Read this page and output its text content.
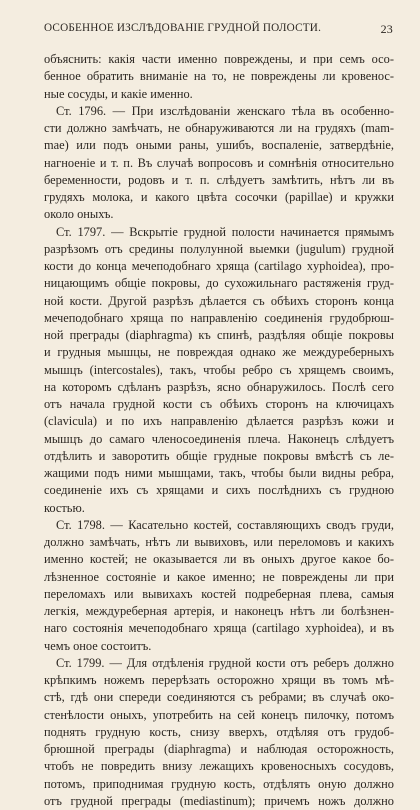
ОСОБЕННОЕ ИЗСЛѢДОВАНІЕ ГРУДНОЙ ПОЛОСТИ.	23
объяснить: какія части именно повреждены, и при семъ осо-
бенное обратить вниманіе на то, не повреждены ли кровенос-
ные сосуды, и какіе именно.
Ст. 1796. — При изслѣдованіи женскаго тѣла въ особенно-
сти должно замѣчать, не обнаруживаются ли на грудяхъ (mam-
mae) или подъ оными раны, ушибъ, воспаленіе, затвердѣніе,
нагноеніе и т. п. Въ случаѣ вопросовъ и сомнѣнія относительно
беременности, родовъ и т. п. слѣдуетъ замѣтить, нѣтъ ли въ
грудяхъ молока, и какого цвѣта сосочки (papillae) и кружки
около оныхъ.
Ст. 1797. — Вскрытіе грудной полости начинается прямымъ
разрѣзомъ отъ средины полулунной выемки (jugulum) грудной
кости до конца мечеподобнаго хряща (cartilago xyphoidea), про-
ницающимъ общіе покровы, до сухожильнаго растяженія груд-
ной кости. Другой разрѣзъ дѣлается съ обѣихъ сторонъ конца
мечеподобнаго хряща по направленію соединенія грудобрюш-
ной преграды (diaphragma) къ спинѣ, раздѣляя общіе покровы
и грудныя мышцы, не повреждая однако же междуреберныхъ
мышцъ (intercostales), такъ, чтобы ребро съ хрящемъ своимъ,
на которомъ сдѣланъ разрѣзъ, ясно обнаружилось. Послѣ сего
отъ начала грудной кости съ обѣихъ сторонъ на ключицахъ
(clavicula) и по ихъ направленію дѣлается разрѣзъ кожи и
мышцъ до самаго членосоединенія плеча. Наконецъ слѣдуетъ
отдѣлить и заворотить общіе грудные покровы вмѣстѣ съ ле-
жащими подъ ними мышцами, такъ, чтобы были видны ребра,
соединеніе ихъ съ хрящами и сихъ послѣднихъ съ грудною
костью.
Ст. 1798. — Касательно костей, составляющихъ сводъ груди,
должно замѣчать, нѣтъ ли вывиховъ, или переломовъ и какихъ
именно костей; не оказывается ли въ оныхъ другое какое бо-
лѣзненное состояніе и какое именно; не повреждены ли при
переломахъ или вывихахъ костей подреберная плева, самыя
легкія, междуреберная артерія, и наконецъ нѣтъ ли болѣзнен-
наго состоянія мечеподобнаго хряща (cartilago xyphoidea), и въ
чемъ оное состоитъ.
Ст. 1799. — Для отдѣленія грудной кости отъ реберъ должно
крѣпкимъ ножемъ перерѣзать осторожно хрящи въ томъ мѣ-
стѣ, гдѣ они спереди соединяются съ ребрами; въ случаѣ око-
стенѣлости оныхъ, употребить на сей конецъ пилочку, потомъ
поднять грудную кость, снизу вверхъ, отдѣляя отъ грудоб-
брюшной преграды (diaphragma) и наблюдая осторожность,
чтобъ не повредить внизу лежащихъ кровеносныхъ сосудовъ,
потомъ, приподнимая грудную кость, отдѣлять оную должно
отъ грудной преграды (mediastinum); причемъ ножъ должно
